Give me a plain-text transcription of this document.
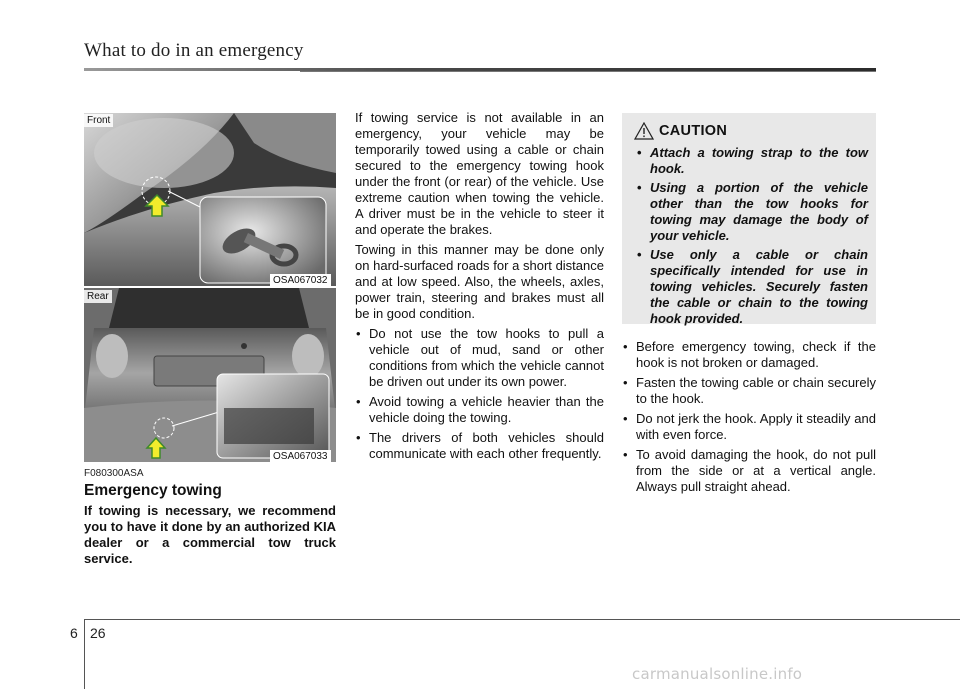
What to do in an emergency
Front
OSA067032
Rear
OSA067033
F080300ASA
Emergency towing

If towing is necessary, we recommend you to have it done by an authorized KIA dealer or a commercial tow truck service.

If towing service is not available in an emergency, your vehicle may be temporarily towed using a cable or chain secured to the emergency towing hook under the front (or rear) of the vehicle. Use extreme caution when towing the vehicle. A driver must be in the vehicle to steer it and operate the brakes.

Towing in this manner may be done only on hard-surfaced roads for a short distance and at low speed. Also, the wheels, axles, power train, steering and brakes must all be in good condition.

• Do not use the tow hooks to pull a vehicle out of mud, sand or other conditions from which the vehicle cannot be driven out under its own power.
• Avoid towing a vehicle heavier than the vehicle doing the towing.
• The drivers of both vehicles should communicate with each other frequently.
CAUTION
• Attach a towing strap to the tow hook.
• Using a portion of the vehicle other than the tow hooks for towing may damage the body of your vehicle.
• Use only a cable or chain specifically intended for use in towing vehicles. Securely fasten the cable or chain to the towing hook provided.
• Before emergency towing, check if the hook is not broken or damaged.
• Fasten the towing cable or chain securely to the hook.
• Do not jerk the hook. Apply it steadily and with even force.
• To avoid damaging the hook, do not pull from the side or at a vertical angle. Always pull straight ahead.
6 26
carmanualsonline.info
